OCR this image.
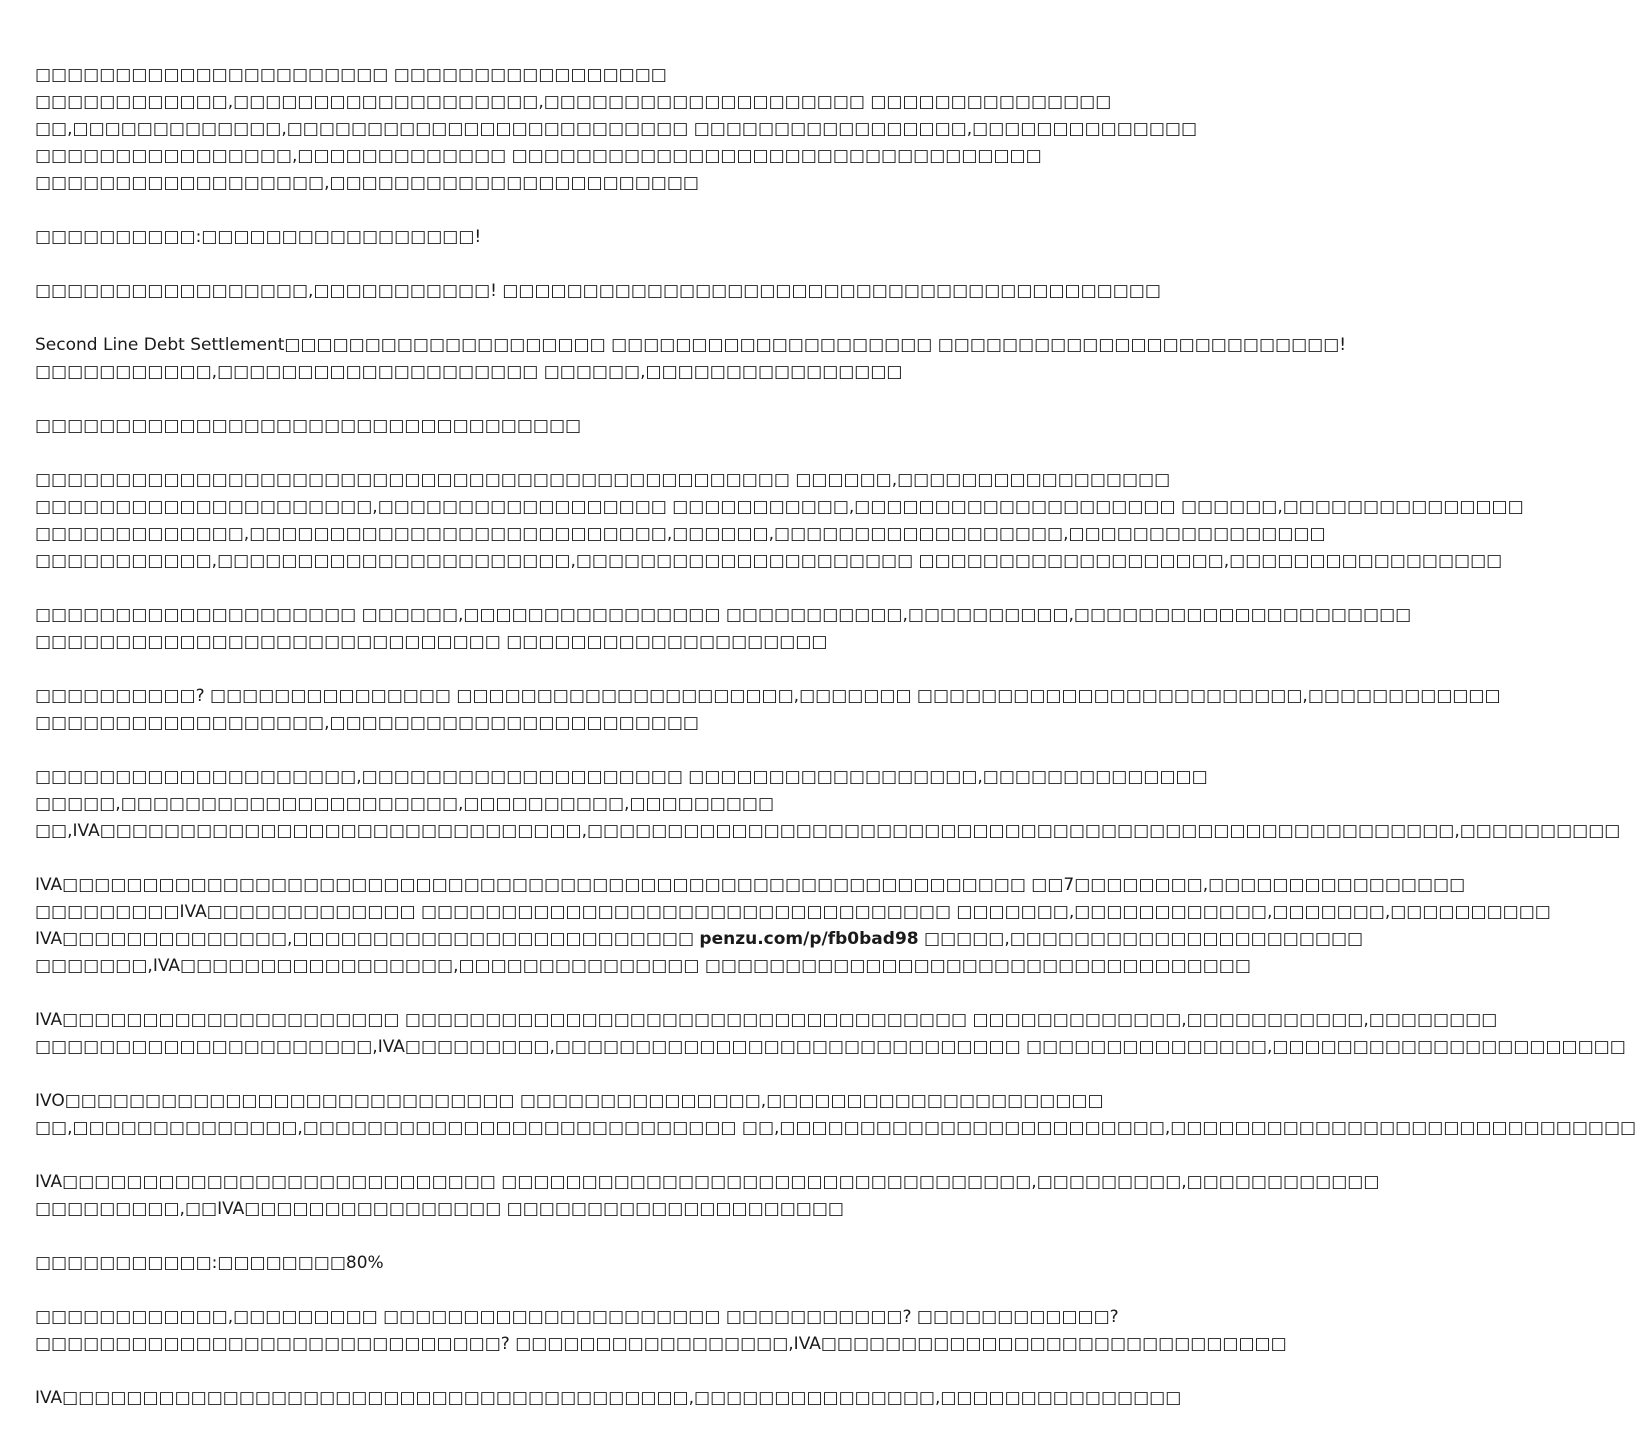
□□□□□□□□□□□□□□□□□□□□□□ □□□□□□□□□□□□□□□□□
□□□□□□□□□□□□,□□□□□□□□□□□□□□□□□□□,□□□□□□□□□□□□□□□□□□□□ □□□□□□□□□□□□□□□
□□,□□□□□□□□□□□□□,□□□□□□□□□□□□□□□□□□□□□□□□□ □□□□□□□□□□□□□□□□□,□□□□□□□□□□□□□□
□□□□□□□□□□□□□□□□,□□□□□□□□□□□□□ □□□□□□□□□□□□□□□□□□□□□□□□□□□□□□□□□
□□□□□□□□□□□□□□□□□□,□□□□□□□□□□□□□□□□□□□□□□□
□□□□□□□□□□:□□□□□□□□□□□□□□□□□!
□□□□□□□□□□□□□□□□□,□□□□□□□□□□□! □□□□□□□□□□□□□□□□□□□□□□□□□□□□□□□□□□□□□□□□□
Second Line Debt Settlement□□□□□□□□□□□□□□□□□□□□ □□□□□□□□□□□□□□□□□□□□ □□□□□□□□□□□□□□□□□□□□□□□□□!
□□□□□□□□□□□,□□□□□□□□□□□□□□□□□□□□ □□□□□□,□□□□□□□□□□□□□□□□
□□□□□□□□□□□□□□□□□□□□□□□□□□□□□□□□□□
□□□□□□□□□□□□□□□□□□□□□□□□□□□□□□□□□□□□□□□□□□□□□□□ □□□□□□,□□□□□□□□□□□□□□□□□
□□□□□□□□□□□□□□□□□□□□□,□□□□□□□□□□□□□□□□□□ □□□□□□□□□□□,□□□□□□□□□□□□□□□□□□□□ □□□□□□,□□□□□□□□□□□□□□□
□□□□□□□□□□□□□,□□□□□□□□□□□□□□□□□□□□□□□□□□,□□□□□□,□□□□□□□□□□□□□□□□□□,□□□□□□□□□□□□□□□□
□□□□□□□□□□□,□□□□□□□□□□□□□□□□□□□□□□,□□□□□□□□□□□□□□□□□□□□□ □□□□□□□□□□□□□□□□□□□,□□□□□□□□□□□□□□□□□
□□□□□□□□□□□□□□□□□□□□ □□□□□□,□□□□□□□□□□□□□□□□ □□□□□□□□□□□,□□□□□□□□□□,□□□□□□□□□□□□□□□□□□□□□
□□□□□□□□□□□□□□□□□□□□□□□□□□□□□ □□□□□□□□□□□□□□□□□□□□
□□□□□□□□□□? □□□□□□□□□□□□□□□ □□□□□□□□□□□□□□□□□□□□□,□□□□□□□ □□□□□□□□□□□□□□□□□□□□□□□□,□□□□□□□□□□□□
□□□□□□□□□□□□□□□□□□,□□□□□□□□□□□□□□□□□□□□□□□
□□□□□□□□□□□□□□□□□□□□,□□□□□□□□□□□□□□□□□□□□ □□□□□□□□□□□□□□□□□□,□□□□□□□□□□□□□□
□□□□□,□□□□□□□□□□□□□□□□□□□□□,□□□□□□□□□□,□□□□□□□□□
□□,IVA□□□□□□□□□□□□□□□□□□□□□□□□□□□□□□,□□□□□□□□□□□□□□□□□□□□□□□□□□□□□□□□□□□□□□□□□□□□□□□□□□□□□□,□□□□□□□□□□
IVA□□□□□□□□□□□□□□□□□□□□□□□□□□□□□□□□□□□□□□□□□□□□□□□□□□□□□□□□□□□□ □□7□□□□□□□□,□□□□□□□□□□□□□□□□
□□□□□□□□□IVA□□□□□□□□□□□□□ □□□□□□□□□□□□□□□□□□□□□□□□□□□□□□□□□ □□□□□□□,□□□□□□□□□□□□,□□□□□□□,□□□□□□□□□□
IVA□□□□□□□□□□□□□□,□□□□□□□□□□□□□□□□□□□□□□□□□ penzu.com/p/fb0bad98 □□□□□,□□□□□□□□□□□□□□□□□□□□□□
□□□□□□□,IVA□□□□□□□□□□□□□□□□□,□□□□□□□□□□□□□□□ □□□□□□□□□□□□□□□□□□□□□□□□□□□□□□□□□□
IVA□□□□□□□□□□□□□□□□□□□□□ □□□□□□□□□□□□□□□□□□□□□□□□□□□□□□□□□□□ □□□□□□□□□□□□□,□□□□□□□□□□□,□□□□□□□□
□□□□□□□□□□□□□□□□□□□□□,IVA□□□□□□□□□,□□□□□□□□□□□□□□□□□□□□□□□□□□□□□ □□□□□□□□□□□□□□□,□□□□□□□□□□□□□□□□□□□□□□
IVO□□□□□□□□□□□□□□□□□□□□□□□□□□□□ □□□□□□□□□□□□□□□,□□□□□□□□□□□□□□□□□□□□□
□□,□□□□□□□□□□□□□□,□□□□□□□□□□□□□□□□□□□□□□□□□□□ □□,□□□□□□□□□□□□□□□□□□□□□□□□,□□□□□□□□□□□□□□□□□□□□□□□□□□□□□
IVA□□□□□□□□□□□□□□□□□□□□□□□□□□□ □□□□□□□□□□□□□□□□□□□□□□□□□□□□□□□□□,□□□□□□□□□,□□□□□□□□□□□□
□□□□□□□□□,□□IVA□□□□□□□□□□□□□□□□ □□□□□□□□□□□□□□□□□□□□□
□□□□□□□□□□□:□□□□□□□□80%
□□□□□□□□□□□□,□□□□□□□□□ □□□□□□□□□□□□□□□□□□□□□ □□□□□□□□□□□? □□□□□□□□□□□□?
□□□□□□□□□□□□□□□□□□□□□□□□□□□□□? □□□□□□□□□□□□□□□□□,IVA□□□□□□□□□□□□□□□□□□□□□□□□□□□□□
IVA□□□□□□□□□□□□□□□□□□□□□□□□□□□□□□□□□□□□□□□,□□□□□□□□□□□□□□□,□□□□□□□□□□□□□□□
